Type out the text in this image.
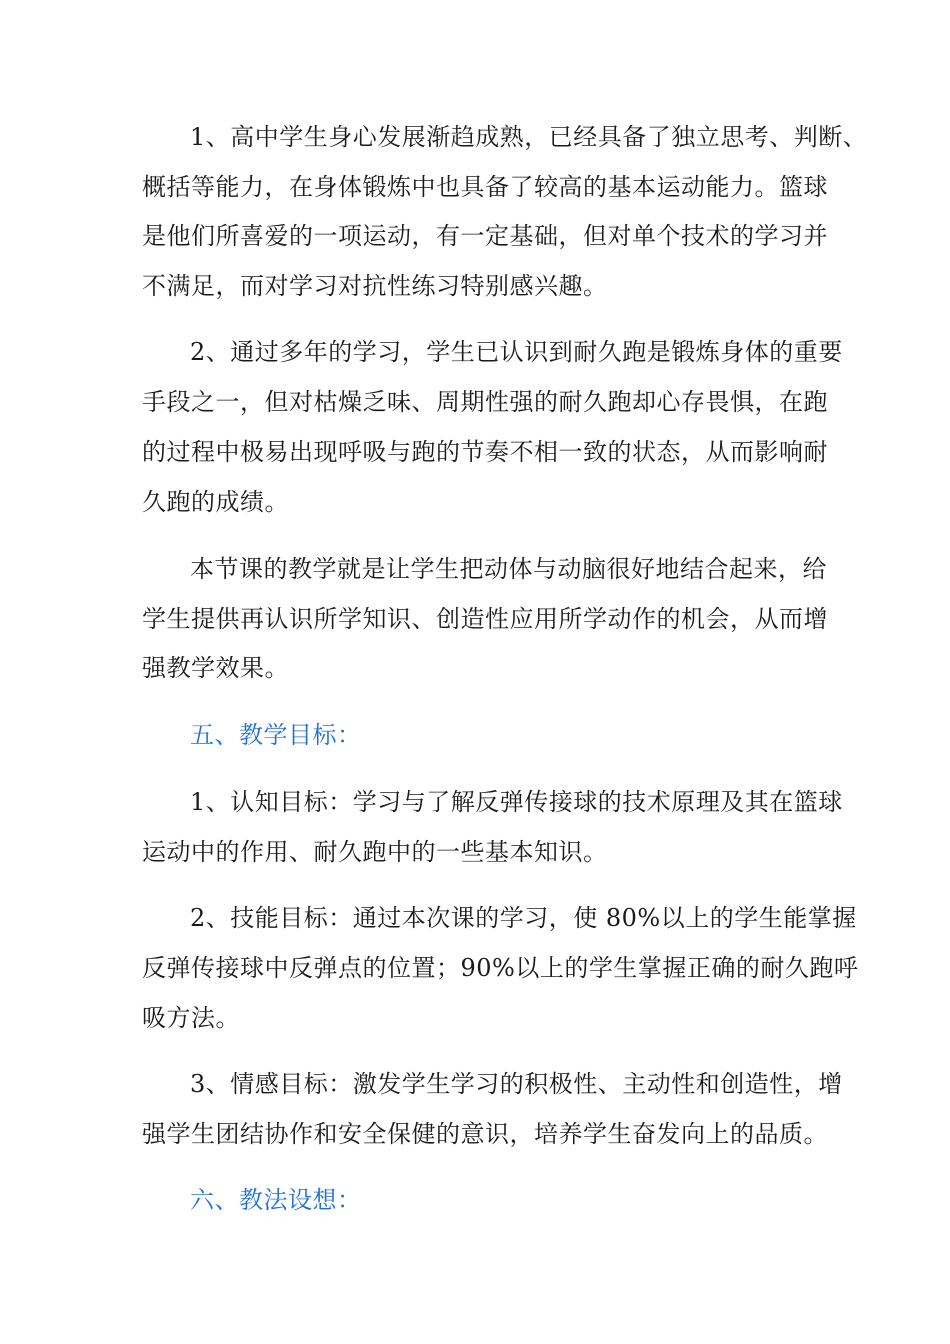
1、高中学生身心发展渐趋成熟，已经具备了独立思考、判断、
概括等能力，在身体锻炼中也具备了较高的基本运动能力。篮球
是他们所喜爱的一项运动，有一定基础，但对单个技术的学习并
不满足，而对学习对抗性练习特别感兴趣。
2、通过多年的学习，学生已认识到耐久跑是锻炼身体的重要
手段之一，但对枯燥乏味、周期性强的耐久跑却心存畏惧，在跑
的过程中极易出现呼吸与跑的节奏不相一致的状态，从而影响耐
久跑的成绩。
本节课的教学就是让学生把动体与动脑很好地结合起来，给
学生提供再认识所学知识、创造性应用所学动作的机会，从而增
强教学效果。
五、教学目标：
1、认知目标：学习与了解反弹传接球的技术原理及其在篮球
运动中的作用、耐久跑中的一些基本知识。
2、技能目标：通过本次课的学习，使 80%以上的学生能掌握
反弹传接球中反弹点的位置；90%以上的学生掌握正确的耐久跑呼
吸方法。
3、情感目标：激发学生学习的积极性、主动性和创造性，增
强学生团结协作和安全保健的意识，培养学生奋发向上的品质。
六、教法设想：
